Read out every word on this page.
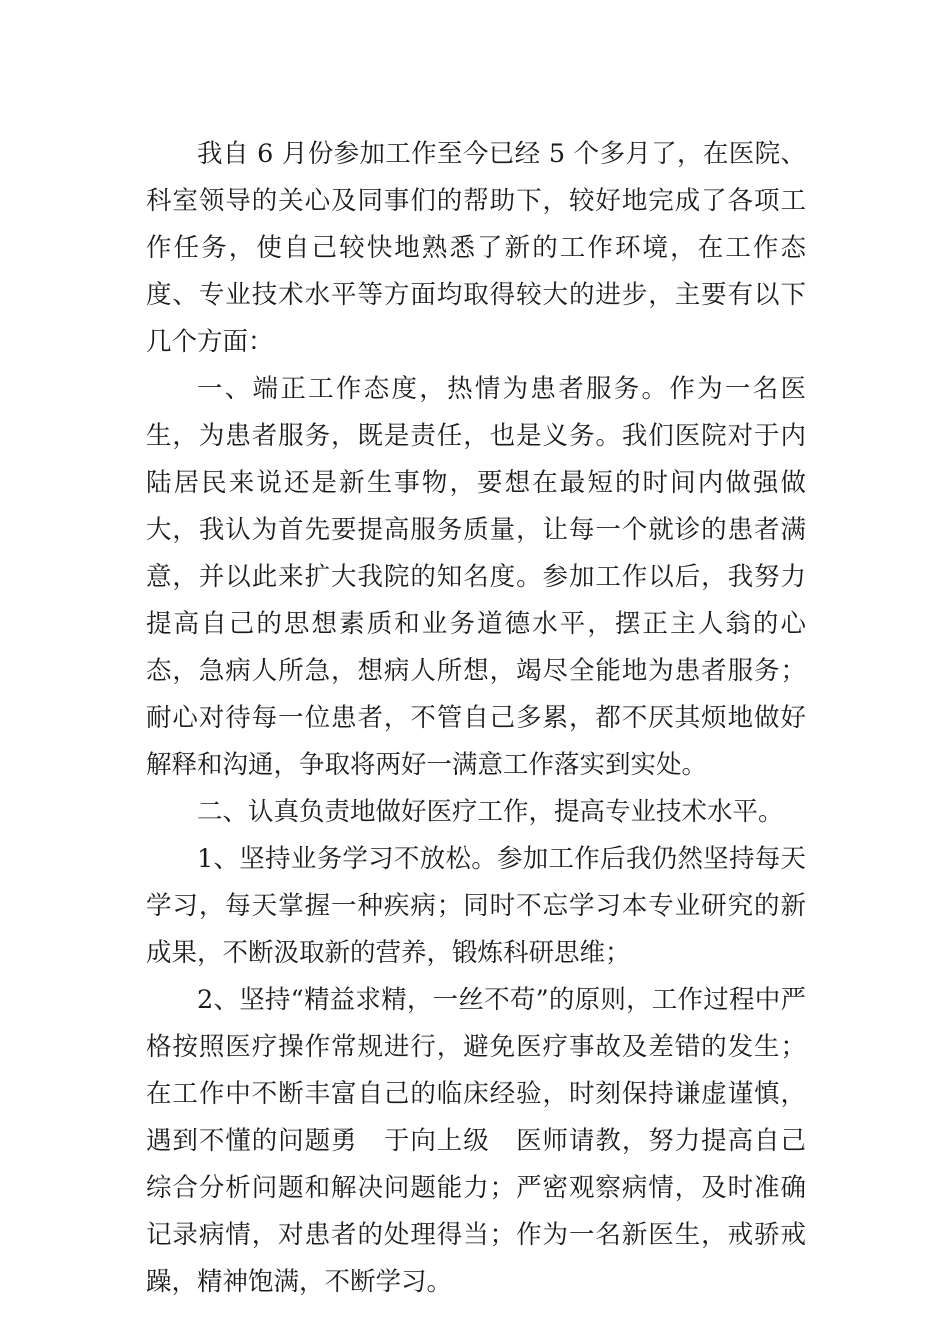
我自 6 月份参加工作至今已经 5 个多月了，在医院、科室领导的关心及同事们的帮助下，较好地完成了各项工作任务，使自己较快地熟悉了新的工作环境，在工作态度、专业技术水平等方面均取得较大的进步，主要有以下几个方面：

一、端正工作态度，热情为患者服务。作为一名医生，为患者服务，既是责任，也是义务。我们医院对于内陆居民来说还是新生事物，要想在最短的时间内做强做大，我认为首先要提高服务质量，让每一个就诊的患者满意，并以此来扩大我院的知名度。参加工作以后，我努力提高自己的思想素质和业务道德水平，摆正主人翁的心态，急病人所急，想病人所想，竭尽全能地为患者服务；耐心对待每一位患者，不管自己多累，都不厌其烦地做好解释和沟通，争取将两好一满意工作落实到实处。

二、认真负责地做好医疗工作，提高专业技术水平。

1、坚持业务学习不放松。参加工作后我仍然坚持每天学习，每天掌握一种疾病；同时不忘学习本专业研究的新成果，不断汲取新的营养，锻炼科研思维；

2、坚持“精益求精，一丝不苟”的原则，工作过程中严格按照医疗操作常规进行，避免医疗事故及差错的发生；在工作中不断丰富自己的临床经验，时刻保持谦虚谨慎，遇到不懂的问题勇　于向上级　医师请教，努力提高自己综合分析问题和解决问题能力；严密观察病情，及时准确记录病情，对患者的处理得当；作为一名新医生，戒骄戒躁，精神饱满，不断学习。
